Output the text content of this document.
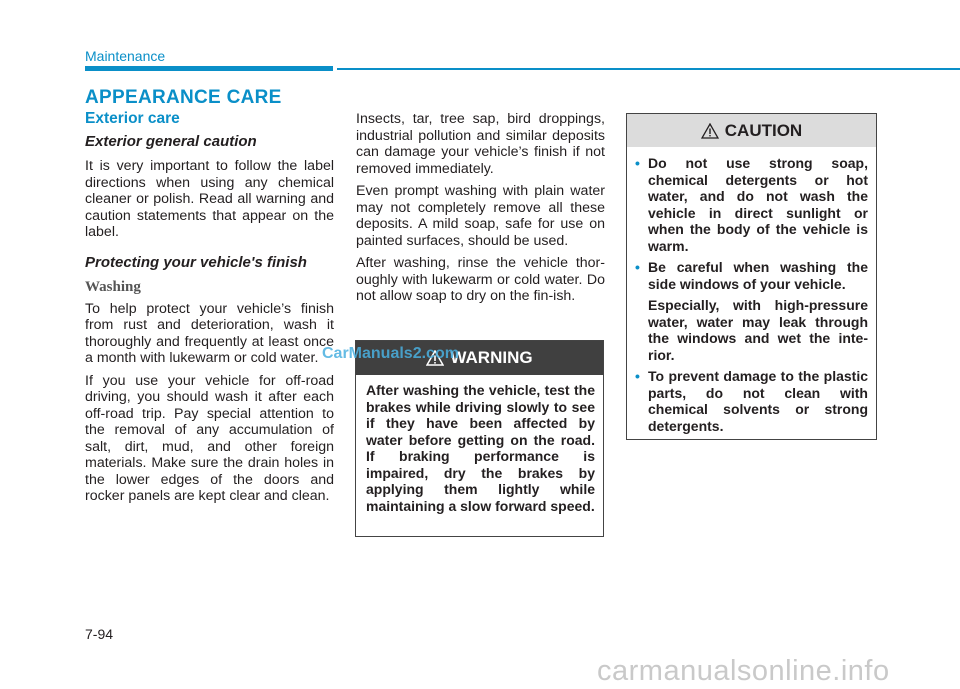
Maintenance
APPEARANCE CARE
Exterior care
Exterior general caution

It is very important to follow the label directions when using any chemical cleaner or polish. Read all warning and caution statements that appear on the label.

Protecting your vehicle's finish
Washing

To help protect your vehicle’s finish from rust and deterioration, wash it thoroughly and frequently at least once a month with lukewarm or cold water.

If you use your vehicle for off-road driving, you should wash it after each off-road trip. Pay special attention to the removal of any accumulation of salt, dirt, mud, and other foreign materials. Make sure the drain holes in the lower edges of the doors and rocker panels are kept clear and clean.

Insects, tar, tree sap, bird droppings, industrial pollution and similar deposits can damage your vehicle’s finish if not removed immediately.

Even prompt washing with plain water may not completely remove all these deposits. A mild soap, safe for use on painted surfaces, should be used.

After washing, rinse the vehicle thor-oughly with lukewarm or cold water. Do not allow soap to dry on the fin-ish.

WARNING
After washing the vehicle, test the brakes while driving slowly to see if they have been affected by water before getting on the road. If braking performance is impaired, dry the brakes by applying them lightly while maintaining a slow forward speed.
CAUTION
• Do not use strong soap, chemical detergents or hot water, and do not wash the vehicle in direct sunlight or when the body of the vehicle is warm.
• Be careful when washing the side windows of your vehicle.
Especially, with high-pressure water, water may leak through the windows and wet the inte-rior.
• To prevent damage to the plastic parts, do not clean with chemical solvents or strong detergents.
7-94
CarManuals2.com
carmanualsonline.info
